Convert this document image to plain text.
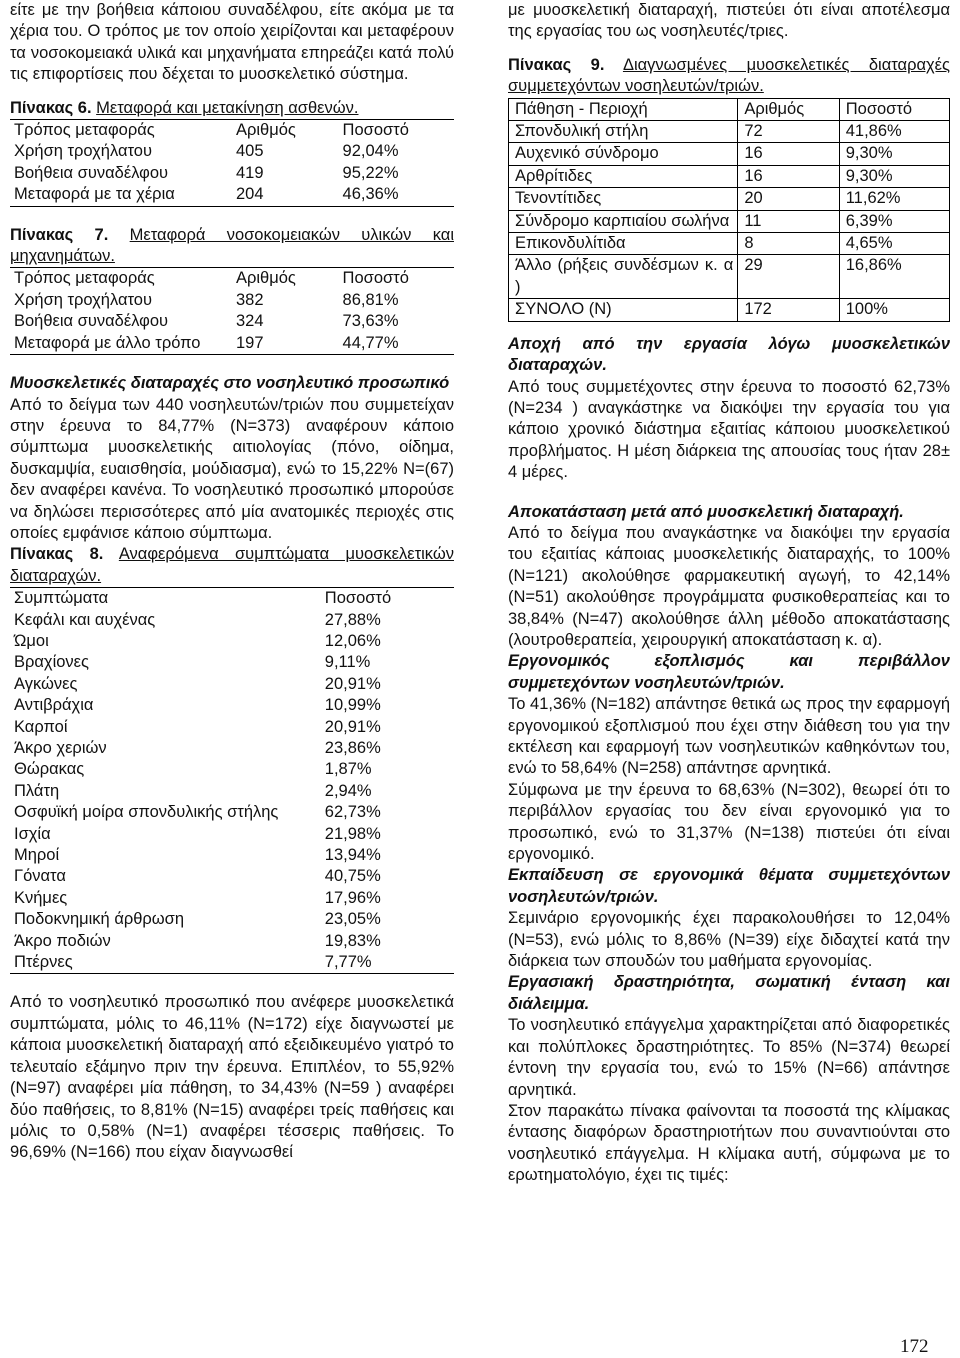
είτε με την βοήθεια κάποιου συναδέλφου, είτε ακόμα με τα χέρια του. Ο τρόπος με τον οποίο χειρίζονται και μεταφέρουν τα νοσοκομειακά υλικά και μηχανήματα επηρεάζει κατά πολύ τις επιφορτίσεις που δέχεται το μυοσκελετικό σύστημα.

Πίνακας 6. Μεταφορά και μετακίνηση ασθενών.

Τρόπος μεταφοράς	Αριθμός	Ποσοστό
Χρήση τροχήλατου	405	92,04%
Βοήθεια συναδέλφου	419	95,22%
Μεταφορά με τα χέρια	204	46,36%

Πίνακας 7. Μεταφορά νοσοκομειακών υλικών και μηχανημάτων.

Τρόπος μεταφοράς	Αριθμός	Ποσοστό
Χρήση τροχήλατου	382	86,81%
Βοήθεια συναδέλφου	324	73,63%
Μεταφορά με άλλο τρόπο	197	44,77%

Μυοσκελετικές διαταραχές στο νοσηλευτικό προσωπικό

Από το δείγμα των 440 νοσηλευτών/τριών που συμμετείχαν στην έρευνα το 84,77% (Ν=373) αναφέρουν κάποιο σύμπτωμα μυοσκελετικής αιτιολογίας (πόνο, οίδημα, δυσκαμψία, ευαισθησία, μούδιασμα), ενώ το 15,22% Ν=(67) δεν αναφέρει κανένα. Το νοσηλευτικό προσωπικό μπορούσε να δηλώσει περισσότερες από μία ανατομικές περιοχές στις οποίες εμφάνισε κάποιο σύμπτωμα.

Πίνακας 8. Αναφερόμενα συμπτώματα μυοσκελετικών διαταραχών.

Συμπτώματα	Ποσοστό
Κεφάλι και αυχένας	27,88%
Ώμοι	12,06%
Βραχίονες	9,11%
Αγκώνες	20,91%
Αντιβράχια	10,99%
Καρποί	20,91%
Άκρο χεριών	23,86%
Θώρακας	1,87%
Πλάτη	2,94%
Οσφυϊκή μοίρα σπονδυλικής στήλης	62,73%
Ισχία	21,98%
Μηροί	13,94%
Γόνατα	40,75%
Κνήμες	17,96%
Ποδοκνημική άρθρωση	23,05%
Άκρο ποδιών	19,83%
Πτέρνες	7,77%

Από το νοσηλευτικό προσωπικό που ανέφερε μυοσκελετικά συμπτώματα, μόλις το 46,11% (Ν=172) είχε διαγνωστεί με κάποια μυοσκελετική διαταραχή από εξειδικευμένο γιατρό το τελευταίο εξάμηνο πριν την έρευνα. Επιπλέον, το 55,92% (Ν=97) αναφέρει μία πάθηση, το 34,43% (Ν=59 ) αναφέρει δύο παθήσεις, το 8,81% (Ν=15) αναφέρει τρείς παθήσεις και μόλις το 0,58% (Ν=1) αναφέρει τέσσερις παθήσεις. Το 96,69% (Ν=166) που είχαν διαγνωσθεί

με μυοσκελετική διαταραχή, πιστεύει ότι είναι αποτέλεσμα της εργασίας του ως νοσηλευτές/τριες.

Πίνακας 9. Διαγνωσμένες μυοσκελετικές διαταραχές συμμετεχόντων νοσηλευτών/τριών.

Πάθηση - Περιοχή	Αριθμός	Ποσοστό
Σπονδυλική στήλη	72	41,86%
Αυχενικό σύνδρομο	16	9,30%
Αρθρίτιδες	16	9,30%
Τενοντίτιδες	20	11,62%
Σύνδρομο καρπιαίου σωλήνα	11	6,39%
Επικονδυλίτιδα	8	4,65%
Άλλο (ρήξεις συνδέσμων κ. α )	29	16,86%
ΣΥΝΟΛΟ (Ν)	172	100%

Αποχή από την εργασία λόγω μυοσκελετικών διαταραχών.

Από τους συμμετέχοντες στην έρευνα το ποσοστό 62,73% (Ν=234 ) αναγκάστηκε να διακόψει την εργασία του για κάποιο χρονικό διάστημα εξαιτίας κάποιου μυοσκελετικού προβλήματος. Η μέση διάρκεια της απουσίας τους ήταν 28± 4 μέρες.

Αποκατάσταση μετά από μυοσκελετική διαταραχή.

Από το δείγμα που αναγκάστηκε να διακόψει την εργασία του εξαιτίας κάποιας μυοσκελετικής διαταραχής, το 100% (Ν=121) ακολούθησε φαρμακευτική αγωγή, το 42,14% (Ν=51) ακολούθησε προγράμματα φυσικοθεραπείας και το 38,84% (Ν=47) ακολούθησε άλλη μέθοδο αποκατάστασης (λουτροθεραπεία, χειρουργική αποκατάσταση κ. α).

Εργονομικός εξοπλισμός και περιβάλλον συμμετεχόντων νοσηλευτών/τριών.

Το 41,36% (Ν=182) απάντησε θετικά ως προς την εφαρμογή εργονομικού εξοπλισμού που έχει στην διάθεση του για την εκτέλεση και εφαρμογή των νοσηλευτικών καθηκόντων του, ενώ το 58,64% (Ν=258) απάντησε αρνητικά.

Σύμφωνα με την έρευνα το 68,63% (Ν=302), θεωρεί ότι το περιβάλλον εργασίας του δεν είναι εργονομικό για το προσωπικό, ενώ το 31,37% (Ν=138) πιστεύει ότι είναι εργονομικό.

Εκπαίδευση σε εργονομικά θέματα συμμετεχόντων νοσηλευτών/τριών.

Σεμινάριο εργονομικής έχει παρακολουθήσει το 12,04% (Ν=53), ενώ μόλις το 8,86% (Ν=39) είχε διδαχτεί κατά την διάρκεια των σπουδών του μαθήματα εργονομίας.

Εργασιακή δραστηριότητα, σωματική ένταση και διάλειμμα.

Το νοσηλευτικό επάγγελμα χαρακτηρίζεται από διαφορετικές και πολύπλοκες δραστηριότητες. Το 85% (Ν=374) θεωρεί έντονη την εργασία του, ενώ το 15% (Ν=66) απάντησε αρνητικά.

Στον παρακάτω πίνακα φαίνονται τα ποσοστά της κλίμακας έντασης διαφόρων δραστηριοτήτων που συναντιούνται στο νοσηλευτικό επάγγελμα. Η κλίμακα αυτή, σύμφωνα με το ερωτηματολόγιο, έχει τις τιμές:

172
